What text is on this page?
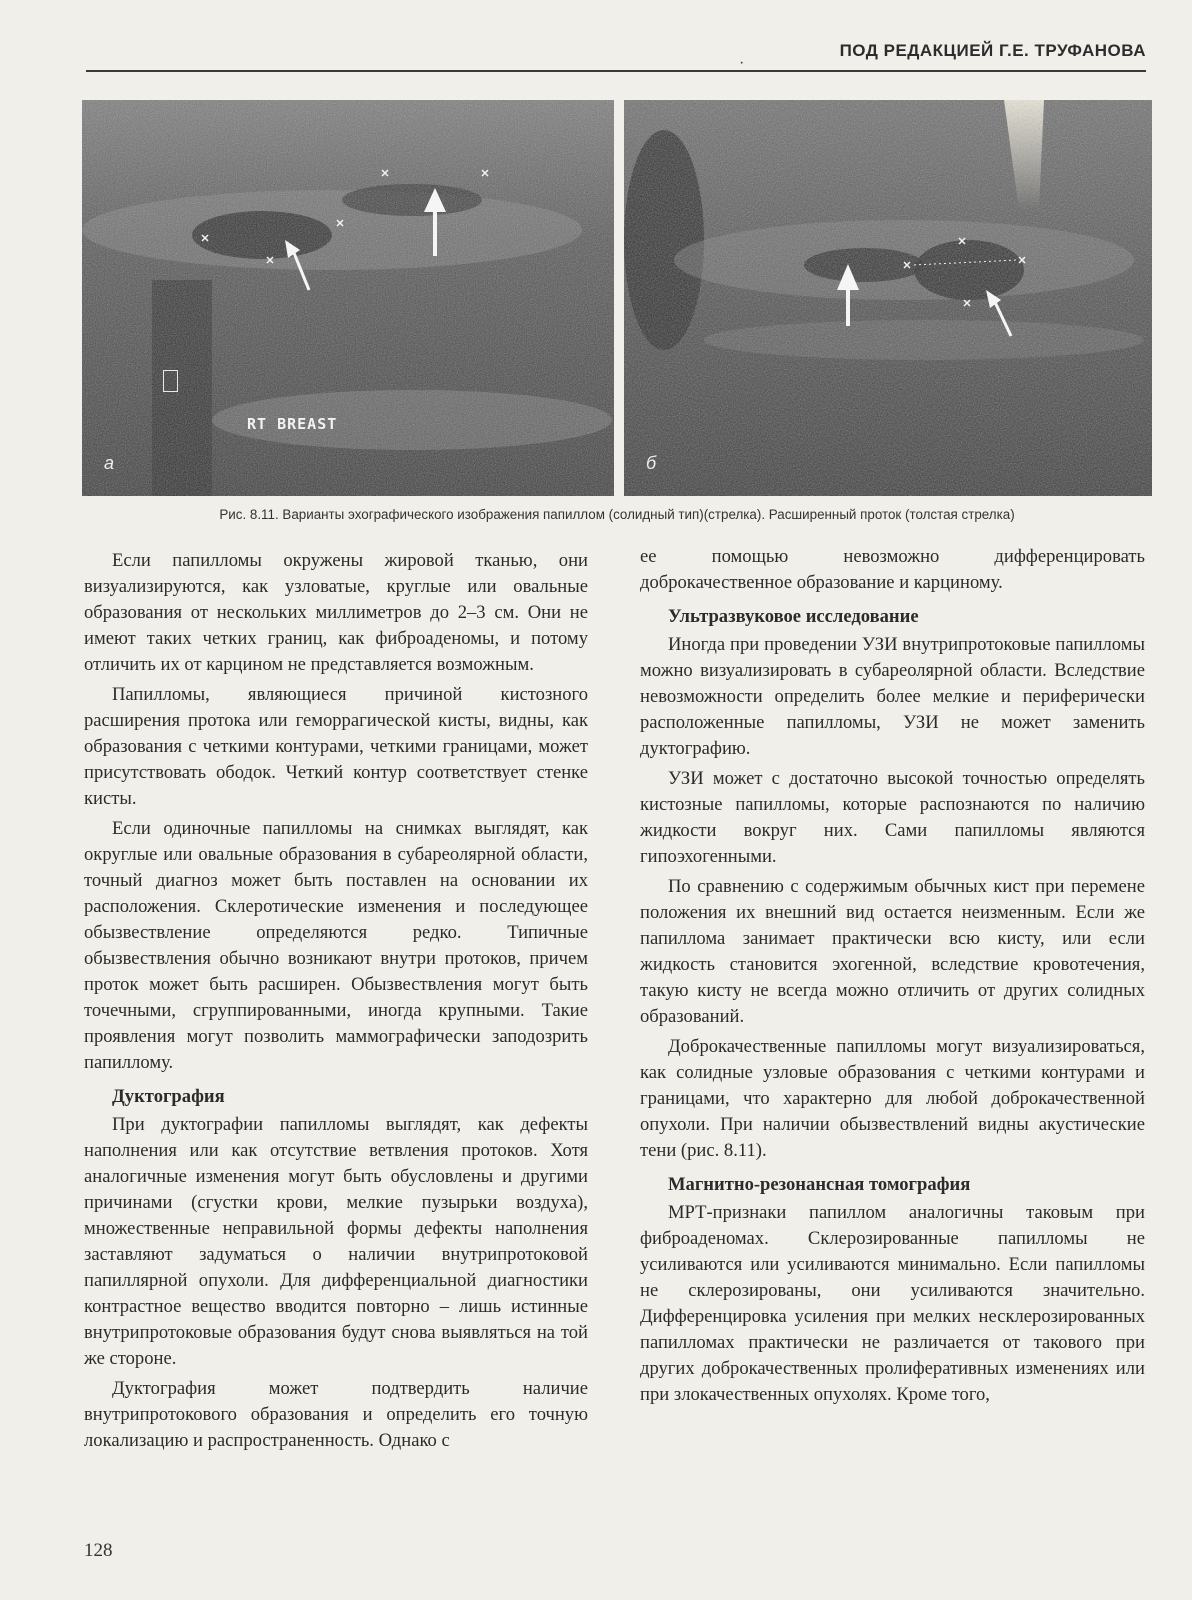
·
ПОД РЕДАКЦИЕЙ Г.Е. ТРУФАНОВА
RT BREAST
а	б
Рис. 8.11. Варианты эхографического изображения папиллом (солидный тип)(стрелка). Расширенный проток (толстая стрелка)

Если папилломы окружены жировой тканью, они визуализируются, как узловатые, круглые или овальные образования от нескольких миллиметров до 2–3 см. Они не имеют таких четких границ, как фиброаденомы, и потому отличить их от карцином не представляется возможным.

Папилломы, являющиеся причиной кистозного расширения протока или геморрагической кисты, видны, как образования с четкими контурами, четкими границами, может присутствовать ободок. Четкий контур соответствует стенке кисты.

Если одиночные папилломы на снимках выглядят, как округлые или овальные образования в субареолярной области, точный диагноз может быть поставлен на основании их расположения. Склеротические изменения и последующее обызвествление определяются редко. Типичные обызвествления обычно возникают внутри протоков, причем проток может быть расширен. Обызвествления могут быть точечными, сгруппированными, иногда крупными. Такие проявления могут позволить маммографически заподозрить папиллому.

Дуктография

При дуктографии папилломы выглядят, как дефекты наполнения или как отсутствие ветвления протоков. Хотя аналогичные изменения могут быть обусловлены и другими причинами (сгустки крови, мелкие пузырьки воздуха), множественные неправильной формы дефекты наполнения заставляют задуматься о наличии внутрипротоковой папиллярной опухоли. Для дифференциальной диагностики контрастное вещество вводится повторно – лишь истинные внутрипротоковые образования будут снова выявляться на той же стороне.

Дуктография может подтвердить наличие внутрипротокового образования и определить его точную локализацию и распространенность. Однако с

ее помощью невозможно дифференцировать доброкачественное образование и карциному.

Ультразвуковое исследование

Иногда при проведении УЗИ внутрипротоковые папилломы можно визуализировать в субареолярной области. Вследствие невозможности определить более мелкие и периферически расположенные папилломы, УЗИ не может заменить дуктографию.

УЗИ может с достаточно высокой точностью определять кистозные папилломы, которые распознаются по наличию жидкости вокруг них. Сами папилломы являются гипоэхогенными.

По сравнению с содержимым обычных кист при перемене положения их внешний вид остается неизменным. Если же папиллома занимает практически всю кисту, или если жидкость становится эхогенной, вследствие кровотечения, такую кисту не всегда можно отличить от других солидных образований.

Доброкачественные папилломы могут визуализироваться, как солидные узловые образования с четкими контурами и границами, что характерно для любой доброкачественной опухоли. При наличии обызвествлений видны акустические тени (рис. 8.11).

Магнитно-резонансная томография

МРТ-признаки папиллом аналогичны таковым при фиброаденомах. Склерозированные папилломы не усиливаются или усиливаются минимально. Если папилломы не склерозированы, они усиливаются значительно. Дифференцировка усиления при мелких несклерозированных папилломах практически не различается от такового при других доброкачественных пролиферативных изменениях или при злокачественных опухолях. Кроме того,

128
